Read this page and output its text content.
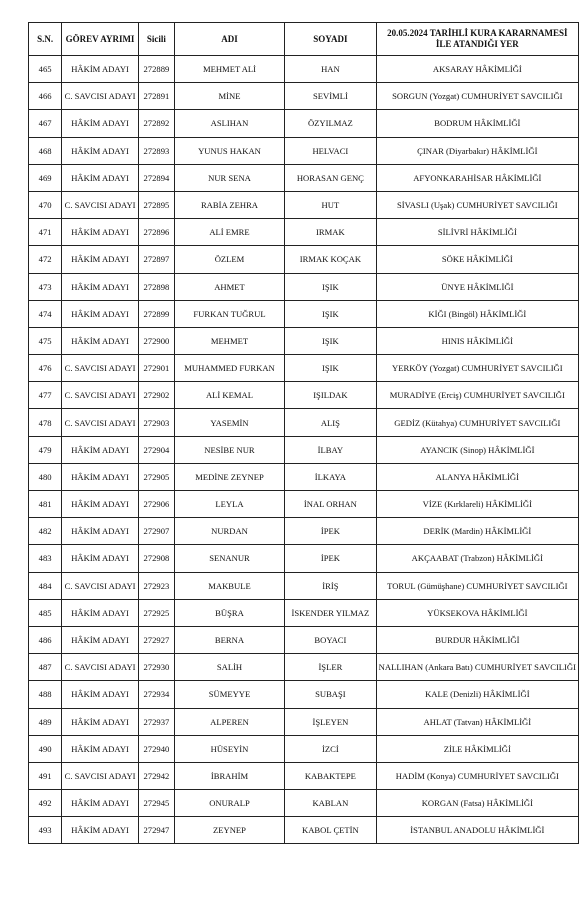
S.N.	GÖREV AYRIMI	Sicili	ADI	SOYADI	20.05.2024 TARİHLİ KURA KARARNAMESİ İLE ATANDIĞI YER
465	HÂKİM ADAYI	272889	MEHMET ALİ	HAN	AKSARAY HÂKİMLİĞİ
466	C. SAVCISI ADAYI	272891	MİNE	SEVİMLİ	SORGUN (Yozgat) CUMHURİYET SAVCILIĞI
467	HÂKİM ADAYI	272892	ASLIHAN	ÖZYILMAZ	BODRUM HÂKİMLİĞİ
468	HÂKİM ADAYI	272893	YUNUS HAKAN	HELVACI	ÇINAR (Diyarbakır) HÂKİMLİĞİ
469	HÂKİM ADAYI	272894	NUR SENA	HORASAN GENÇ	AFYONKARAHİSAR HÂKİMLİĞİ
470	C. SAVCISI ADAYI	272895	RABİA ZEHRA	HUT	SİVASLI (Uşak) CUMHURİYET SAVCILIĞI
471	HÂKİM ADAYI	272896	ALİ EMRE	IRMAK	SİLİVRİ HÂKİMLİĞİ
472	HÂKİM ADAYI	272897	ÖZLEM	IRMAK KOÇAK	SÖKE HÂKİMLİĞİ
473	HÂKİM ADAYI	272898	AHMET	IŞIK	ÜNYE HÂKİMLİĞİ
474	HÂKİM ADAYI	272899	FURKAN TUĞRUL	IŞIK	KİĞI (Bingöl) HÂKİMLİĞİ
475	HÂKİM ADAYI	272900	MEHMET	IŞIK	HINIS HÂKİMLİĞİ
476	C. SAVCISI ADAYI	272901	MUHAMMED FURKAN	IŞIK	YERKÖY (Yozgat) CUMHURİYET SAVCILIĞI
477	C. SAVCISI ADAYI	272902	ALİ KEMAL	IŞILDAK	MURADİYE (Erciş) CUMHURİYET SAVCILIĞI
478	C. SAVCISI ADAYI	272903	YASEMİN	ALIŞ	GEDİZ (Kütahya) CUMHURİYET SAVCILIĞI
479	HÂKİM ADAYI	272904	NESİBE NUR	İLBAY	AYANCIK (Sinop) HÂKİMLİĞİ
480	HÂKİM ADAYI	272905	MEDİNE ZEYNEP	İLKAYA	ALANYA HÂKİMLİĞİ
481	HÂKİM ADAYI	272906	LEYLA	İNAL ORHAN	VİZE (Kırklareli) HÂKİMLİĞİ
482	HÂKİM ADAYI	272907	NURDAN	İPEK	DERİK (Mardin) HÂKİMLİĞİ
483	HÂKİM ADAYI	272908	SENANUR	İPEK	AKÇAABAT (Trabzon) HÂKİMLİĞİ
484	C. SAVCISI ADAYI	272923	MAKBULE	İRİŞ	TORUL (Gümüşhane) CUMHURİYET SAVCILIĞI
485	HÂKİM ADAYI	272925	BÜŞRA	İSKENDER YILMAZ	YÜKSEKOVA HÂKİMLİĞİ
486	HÂKİM ADAYI	272927	BERNA	BOYACI	BURDUR HÂKİMLİĞİ
487	C. SAVCISI ADAYI	272930	SALİH	İŞLER	NALLIHAN (Ankara Batı) CUMHURİYET SAVCILIĞI
488	HÂKİM ADAYI	272934	SÜMEYYE	SUBAŞI	KALE (Denizli) HÂKİMLİĞİ
489	HÂKİM ADAYI	272937	ALPEREN	İŞLEYEN	AHLAT (Tatvan) HÂKİMLİĞİ
490	HÂKİM ADAYI	272940	HÜSEYİN	İZCİ	ZİLE HÂKİMLİĞİ
491	C. SAVCISI ADAYI	272942	İBRAHİM	KABAKTEPE	HADİM (Konya) CUMHURİYET SAVCILIĞI
492	HÂKİM ADAYI	272945	ONURALP	KABLAN	KORGAN (Fatsa) HÂKİMLİĞİ
493	HÂKİM ADAYI	272947	ZEYNEP	KABOL ÇETİN	İSTANBUL ANADOLU HÂKİMLİĞİ
